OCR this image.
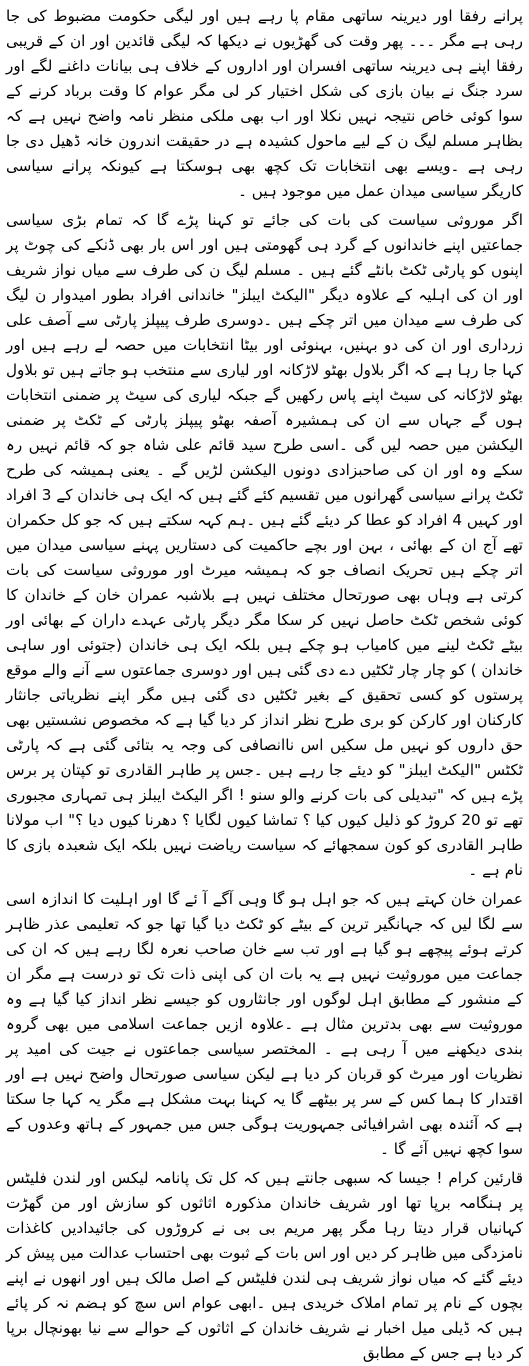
پرانے رفقا اور دیرینہ ساتھی مقام پا رہے ہیں اور لیگی حکومت مضبوط کی جا رہی ہے مگر ۔۔۔ پھر وقت کی گھڑیوں نے دیکھا کہ لیگی قائدین اور ان کے قریبی رفقا اپنے ہی دیرینہ ساتھی افسران اور اداروں کے خلاف ہی بیانات داغنے لگے اور سرد جنگ نے بیان بازی کی شکل اختیار کر لی مگر عوام کا وقت برباد کرنے کے سوا کوئی خاص نتیجہ نہیں نکلا اور اب بھی ملکی منظر نامہ واضح نہیں ہے کہ بظاہر مسلم لیگ ن کے لیے ماحول کشیدہ ہے در حقیقت اندرون خانہ ڈھیل دی جا رہی ہے ۔ویسے بھی انتخابات تک کچھ بھی ہوسکتا ہے کیونکہ پرانے سیاسی کاریگر سیاسی میدان عمل میں موجود ہیں ۔

اگر موروثی سیاست کی بات کی جائے تو کہنا پڑے گا کہ تمام بڑی سیاسی جماعتیں اپنے خاندانوں کے گرد ہی گھومتی ہیں اور اس بار بھی ڈنکے کی چوٹ پر اپنوں کو پارٹی ٹکٹ بانٹے گئے ہیں ۔ مسلم لیگ ن کی طرف سے میاں نواز شریف اور ان کی اہلیہ کے علاوہ دیگر "الیکٹ ایبلز" خاندانی افراد بطور امیدوار ن لیگ کی طرف سے میدان میں اتر چکے ہیں ۔دوسری طرف پیپلز پارٹی سے آصف علی زرداری اور ان کی دو بہنیں، بہنوئی اور بیٹا انتخابات میں حصہ لے رہے ہیں اور کہا جا رہا ہے کہ اگر بلاول بھٹو لاڑکانہ اور لیاری سے منتخب ہو جاتے ہیں تو بلاول بھٹو لاڑکانہ کی سیٹ اپنے پاس رکھیں گے جبکہ لیاری کی سیٹ پر ضمنی انتخابات ہوں گے جہاں سے ان کی ہمشیرہ آصفہ بھٹو پیپلز پارٹی کے ٹکٹ پر ضمنی الیکشن میں حصہ لیں گی ۔اسی طرح سید قائم علی شاہ جو کہ قائم نہیں رہ سکے وہ اور ان کی صاحبزادی دونوں الیکشن لڑیں گے ۔ یعنی ہمیشہ کی طرح ٹکٹ پرانے سیاسی گھرانوں میں تقسیم کئے گئے ہیں کہ ایک ہی خاندان کے 3 افراد اور کہیں 4 افراد کو عطا کر دیئے گئے ہیں ۔ہم کہہ سکتے ہیں کہ جو کل حکمران تھے آج ان کے بھائی ، بہن اور بچے حاکمیت کی دستاریں پہنے سیاسی میدان میں اتر چکے ہیں تحریک انصاف جو کہ ہمیشہ میرٹ اور موروثی سیاست کی بات کرتی ہے وہاں بھی صورتحال مختلف نہیں ہے بلاشبہ عمران خان کے خاندان کا کوئی شخص ٹکٹ حاصل نہیں کر سکا مگر دیگر پارٹی عہدے داران کے بھائی اور بیٹے ٹکٹ لینے میں کامیاب ہو چکے ہیں بلکہ ایک ہی خاندان (جتوئی اور ساہی خاندان ) کو چار چار ٹکٹیں دے دی گئی ہیں اور دوسری جماعتوں سے آنے والے موقع پرستوں کو کسی تحقیق کے بغیر ٹکٹیں دی گئی ہیں مگر اپنے نظریاتی جانثار کارکنان اور کارکن کو بری طرح نظر انداز کر دیا گیا ہے کہ مخصوص نشستیں بھی حق داروں کو نہیں مل سکیں اس ناانصافی کی وجہ یہ بتائی گئی ہے کہ پارٹی ٹکٹس "الیکٹ ایبلز" کو دیئے جا رہے ہیں ۔جس پر طاہر القادری تو کپتان پر برس پڑے ہیں کہ "تبدیلی کی بات کرنے والو سنو ! اگر الیکٹ ایبلز ہی تمہاری مجبوری تھے تو 20 کروڑ کو ذلیل کیوں کیا ؟ تماشا کیوں لگایا ؟ دھرنا کیوں دیا ؟" اب مولانا طاہر القادری کو کون سمجھائے کہ سیاست ریاضت نہیں بلکہ ایک شعبدہ بازی کا نام ہے ۔

عمران خان کہتے ہیں کہ جو اہل ہو گا وہی آگے آ ئے گا اور اہلیت کا اندازہ اسی سے لگا لیں کہ جہانگیر ترین کے بیٹے کو ٹکٹ دیا گیا تھا جو کہ تعلیمی عذر ظاہر کرتے ہوئے پیچھے ہو گیا ہے اور تب سے خان صاحب نعرہ لگا رہے ہیں کہ ان کی جماعت میں موروثیت نہیں ہے یہ بات ان کی اپنی ذات تک تو درست ہے مگر ان کے منشور کے مطابق اہل لوگوں اور جانثاروں کو جیسے نظر انداز کیا گیا ہے وہ موروثیت سے بھی بدترین مثال ہے ۔علاوہ ازیں جماعت اسلامی میں بھی گروہ بندی دیکھنے میں آ رہی ہے ۔ المختصر سیاسی جماعتوں نے جیت کی امید پر نظریات اور میرٹ کو قربان کر دیا ہے لیکن سیاسی صورتحال واضح نہیں ہے اور اقتدار کا ہما کس کے سر پر بیٹھے گا یہ کہنا بہت مشکل ہے مگر یہ کہا جا سکتا ہے کہ آئندہ بھی اشرافیائی جمہوریت ہوگی جس میں جمہور کے ہاتھ وعدوں کے سوا کچھ نہیں آئے گا ۔

قارئین کرام ! جیسا کہ سبھی جانتے ہیں کہ کل تک پانامہ لیکس اور لندن فلیٹس پر ہنگامہ برپا تھا اور شریف خاندان مذکورہ اثاثوں کو سازش اور من گھڑت کہانیاں قرار دیتا رہا مگر پھر مریم بی بی نے کروڑوں کی جائیدادیں کاغذات نامزدگی میں ظاہر کر دیں اور اس بات کے ثبوت بھی احتساب عدالت میں پیش کر دیئے گئے کہ میاں نواز شریف ہی لندن فلیٹس کے اصل مالک ہیں اور انھوں نے اپنے بچوں کے نام پر تمام املاک خریدی ہیں ۔ابھی عوام اس سچ کو ہضم نہ کر پائے ہیں کہ ڈیلی میل اخبار نے شریف خاندان کے اثاثوں کے حوالے سے نیا بھونچال برپا کر دیا ہے جس کے مطابق
